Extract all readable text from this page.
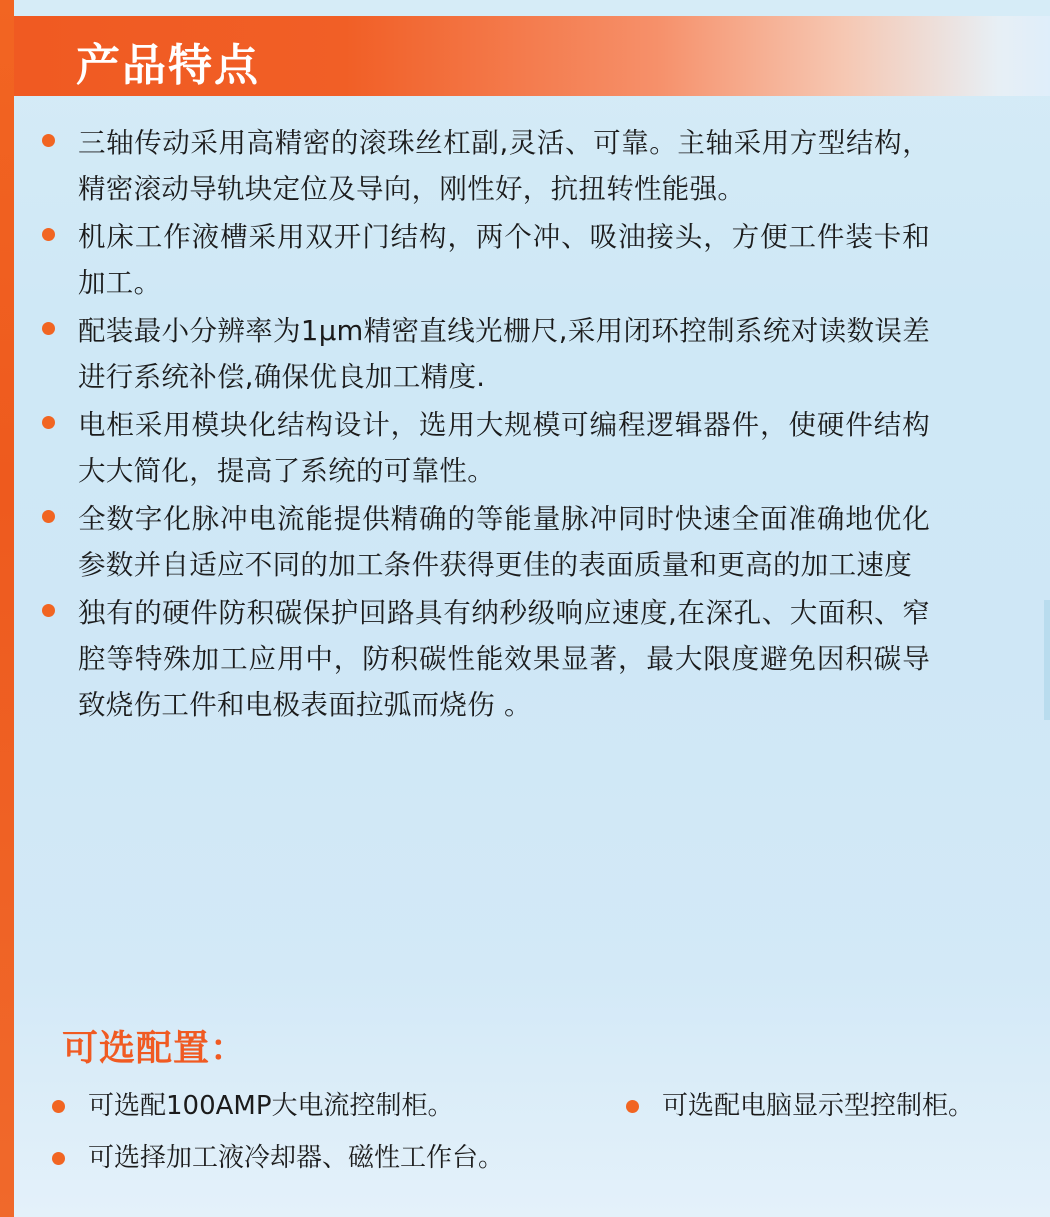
产品特点
三轴传动采用高精密的滚珠丝杠副,灵活、可靠。主轴采用方型结构，精密滚动导轨块定位及导向，刚性好，抗扭转性能强。
机床工作液槽采用双开门结构，两个冲、吸油接头，方便工件装卡和加工。
配装最小分辨率为1μm精密直线光栅尺,采用闭环控制系统对读数误差进行系统补偿,确保优良加工精度.
电柜采用模块化结构设计，选用大规模可编程逻辑器件，使硬件结构大大简化，提高了系统的可靠性。
全数字化脉冲电流能提供精确的等能量脉冲同时快速全面准确地优化参数并自适应不同的加工条件获得更佳的表面质量和更高的加工速度
独有的硬件防积碳保护回路具有纳秒级响应速度,在深孔、大面积、窄腔等特殊加工应用中，防积碳性能效果显著，最大限度避免因积碳导致烧伤工件和电极表面拉弧而烧伤 。
可选配置：
可选配100AMP大电流控制柜。	可选配电脑显示型控制柜。
可选择加工液冷却器、磁性工作台。
